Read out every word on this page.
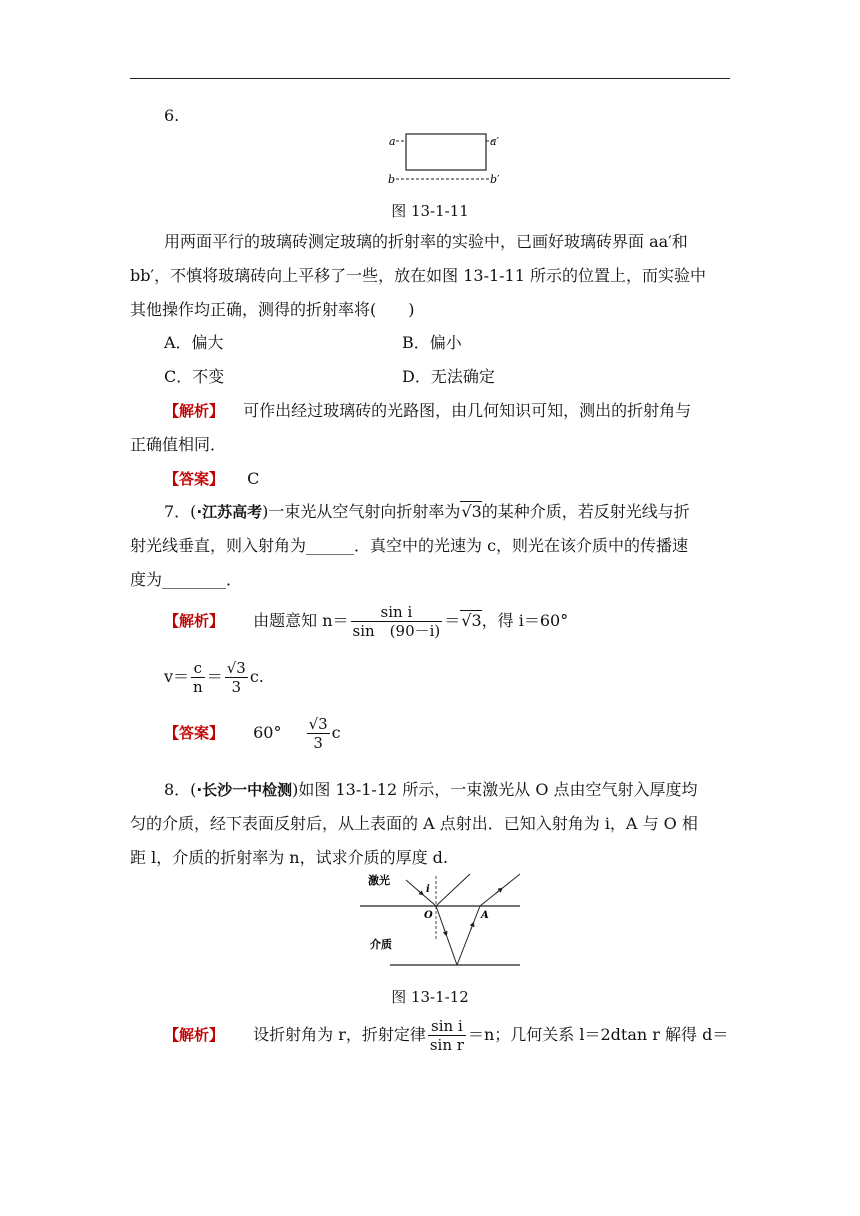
6.
a	a′
b	b′
图 13-1-11
用两面平行的玻璃砖测定玻璃的折射率的实验中，已画好玻璃砖界面 aa′和
bb′，不慎将玻璃砖向上平移了一些，放在如图 13-1-11 所示的位置上，而实验中
其他操作均正确，测得的折射率将(　　)
A．偏大	B．偏小
C．不变	D．无法确定
【解析】 可作出经过玻璃砖的光路图，由几何知识可知，测出的折射角与
正确值相同．
【答案】 C
7．(·江苏高考)一束光从空气射向折射率为√3的某种介质，若反射光线与折
射光线垂直，则入射角为______．真空中的光速为 c，则光在该介质中的传播速
度为________．
【解析】 由题意知 $n= \frac{\text{sin i}}{\sin (90-i)} =√3$，得 i＝60°
$v= \frac{c}{n} = \frac{√3}{3} c$.
【答案】 $60^\circ \frac{√3}{3}$ c
8．(·长沙一中检测)如图 13-1-12 所示，一束激光从 O 点由空气射入厚度均
匀的介质，经下表面反射后，从上表面的 A 点射出．已知入射角为 i，A 与 O 相
距 l，介质的折射率为 n，试求介质的厚度 d.
激光
介质
i
O	A
图 13-1-12
【解析】 设折射角为 r，折射定律 $\frac{\text{sin i}}{\text{sin r}} =n$；几何关系 l＝2dtan r 解得 d＝
